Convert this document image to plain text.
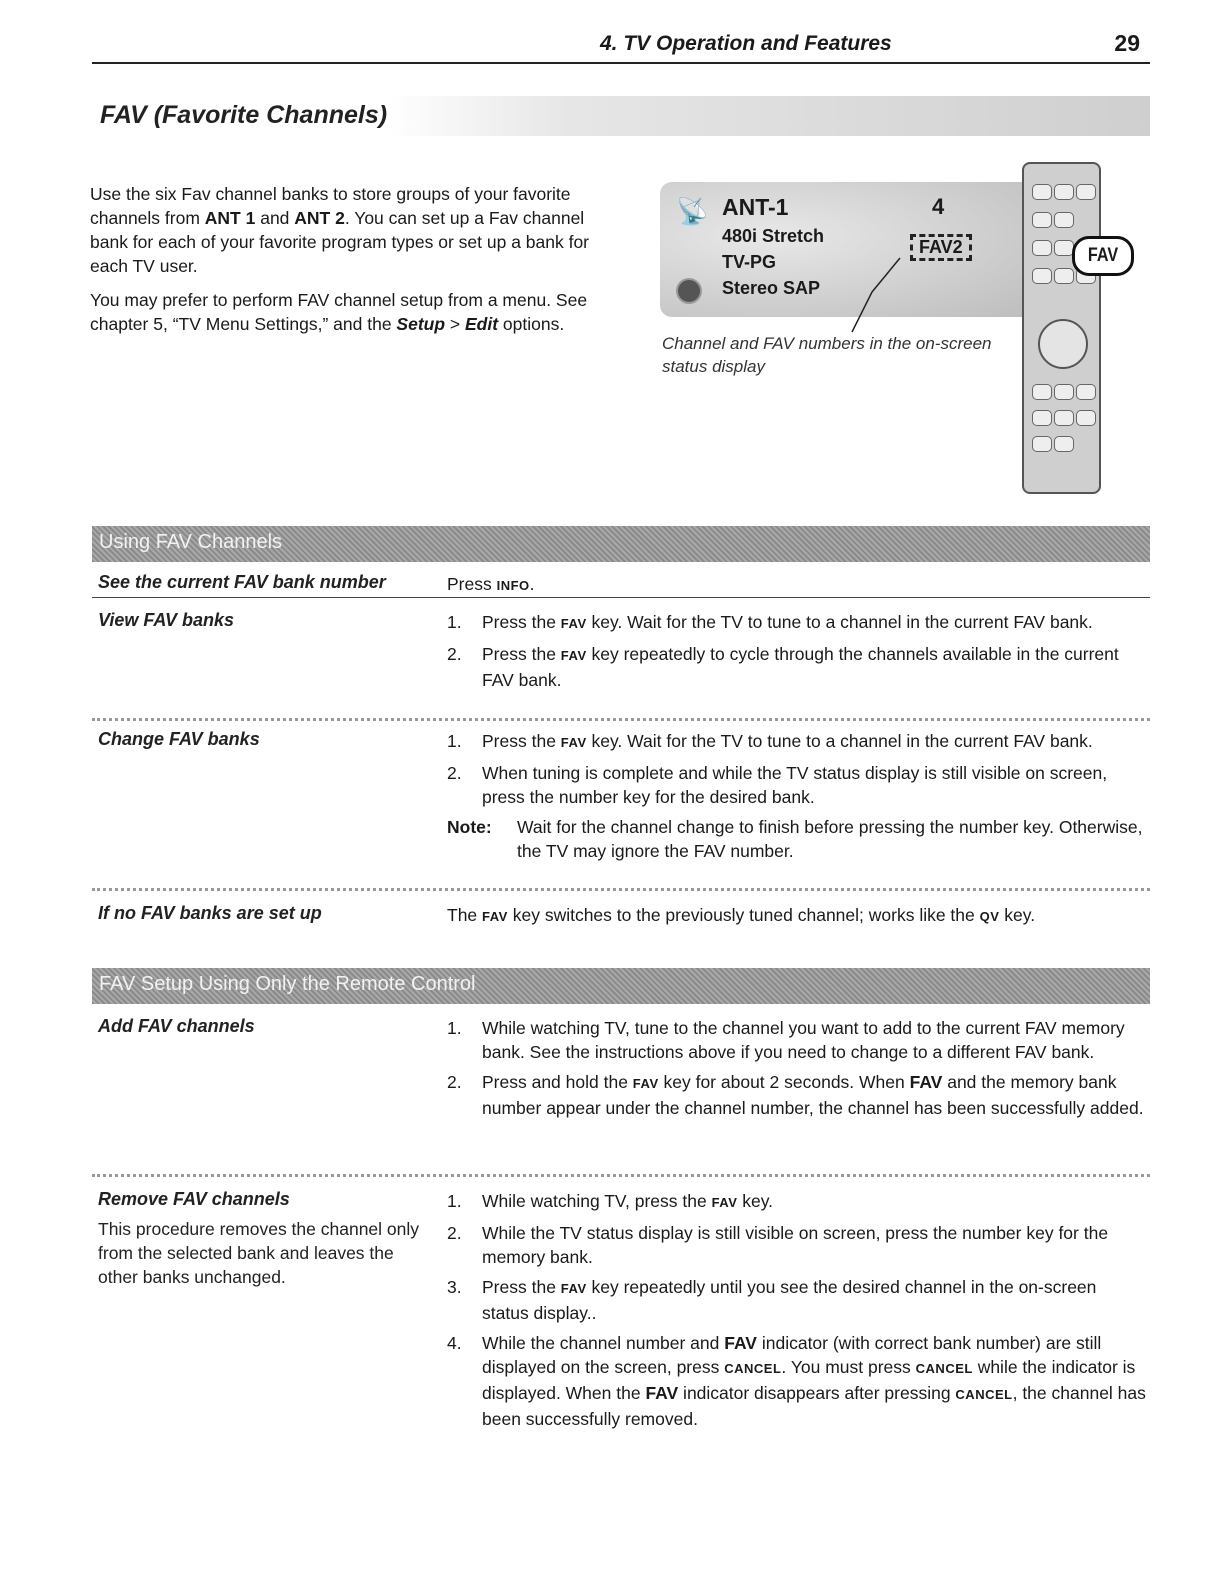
4. TV Operation and Features	29
FAV (Favorite Channels)

Use the six Fav channel banks to store groups of your favorite channels from ANT 1 and ANT 2. You can set up a Fav channel bank for each of your favorite program types or set up a bank for each TV user.

You may prefer to perform FAV channel setup from a menu. See chapter 5, “TV Menu Settings,” and the Setup > Edit options.

📡 ANT-1
480i Stretch
TV-PG
Stereo SAP
4
FAV2
Channel and FAV numbers in the on-screen status display
FAV
Using FAV Channels
See the current FAV bank number	Press INFO.
View FAV banks	1. Press the FAV key. Wait for the TV to tune to a channel in the current FAV bank.
2. Press the FAV key repeatedly to cycle through the channels available in the current FAV bank.
Change FAV banks	1. Press the FAV key. Wait for the TV to tune to a channel in the current FAV bank.
2. When tuning is complete and while the TV status display is still visible on screen, press the number key for the desired bank.
Note: Wait for the channel change to finish before pressing the number key. Otherwise, the TV may ignore the FAV number.
If no FAV banks are set up	The FAV key switches to the previously tuned channel; works like the QV key.
FAV Setup Using Only the Remote Control
Add FAV channels	1. While watching TV, tune to the channel you want to add to the current FAV memory bank. See the instructions above if you need to change to a different FAV bank.
2. Press and hold the FAV key for about 2 seconds. When FAV and the memory bank number appear under the channel number, the channel has been successfully added.
Remove FAV channels
This procedure removes the channel only from the selected bank and leaves the other banks unchanged.
1. While watching TV, press the FAV key.
2. While the TV status display is still visible on screen, press the number key for the memory bank.
3. Press the FAV key repeatedly until you see the desired channel in the on-screen status display..
4. While the channel number and FAV indicator (with correct bank number) are still displayed on the screen, press CANCEL. You must press CANCEL while the indicator is displayed. When the FAV indicator disappears after pressing CANCEL, the channel has been successfully removed.
